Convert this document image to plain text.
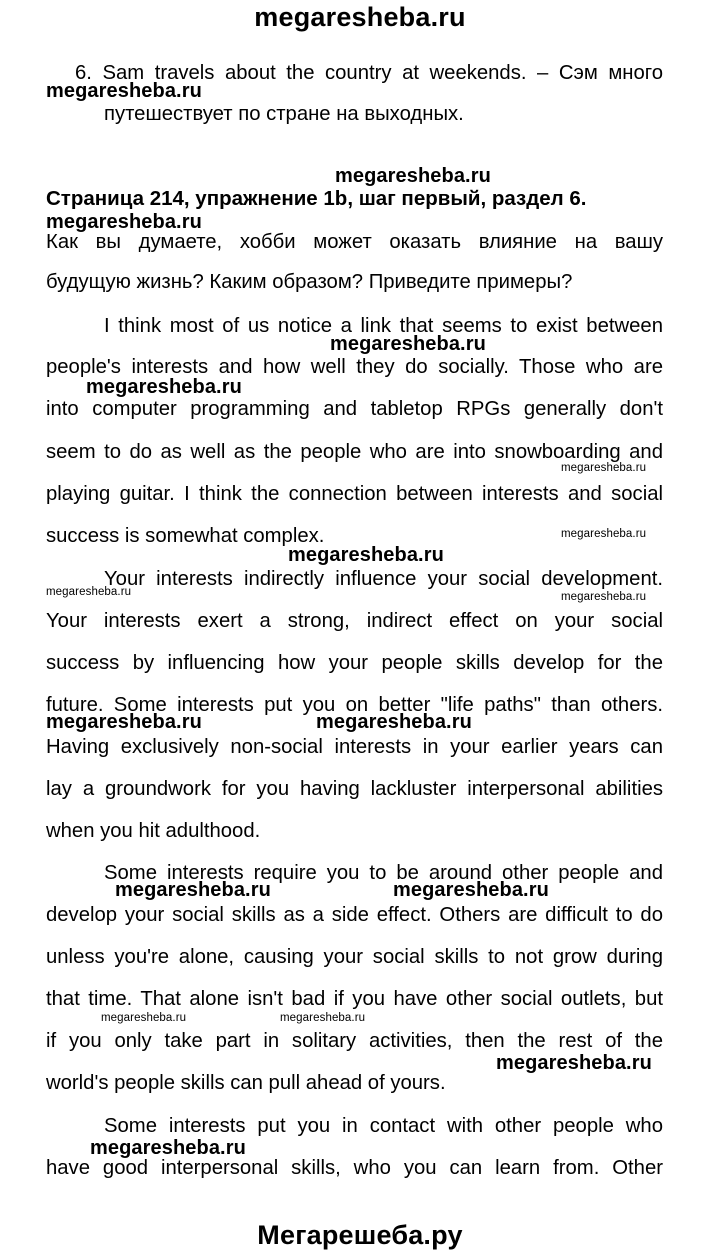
megaresheba.ru
6. Sam travels about the country at weekends. – Сэм много
путешествует по стране на выходных.
Страница 214, упражнение 1b, шаг первый, раздел 6.
Как вы думаете, хобби может оказать влияние на вашу
будущую жизнь? Каким образом? Приведите примеры?
I think most of us notice a link that seems to exist between
people's interests and how well they do socially. Those who are
into computer programming and tabletop RPGs generally don't
seem to do as well as the people who are into snowboarding and
playing guitar. I think the connection between interests and social
success is somewhat complex.
Your interests indirectly influence your social development.
Your interests exert a strong, indirect effect on your social
success by influencing how your people skills develop for the
future. Some interests put you on better "life paths" than others.
Having exclusively non-social interests in your earlier years can
lay a groundwork for you having lackluster interpersonal abilities
when you hit adulthood.
Some interests require you to be around other people and
develop your social skills as a side effect. Others are difficult to do
unless you're alone, causing your social skills to not grow during
that time. That alone isn't bad if you have other social outlets, but
if you only take part in solitary activities, then the rest of the
world's people skills can pull ahead of yours.
Some interests put you in contact with other people who
have good interpersonal skills, who you can learn from. Other
megaresheba.ru
megaresheba.ru
megaresheba.ru
megaresheba.ru
megaresheba.ru
megaresheba.ru
megaresheba.ru
megaresheba.ru
megaresheba.ru	megaresheba.ru
megaresheba.ru	megaresheba.ru
megaresheba.ru	megaresheba.ru
megaresheba.ru	megaresheba.ru
megaresheba.ru
megaresheba.ru
Мегарешеба.ру
